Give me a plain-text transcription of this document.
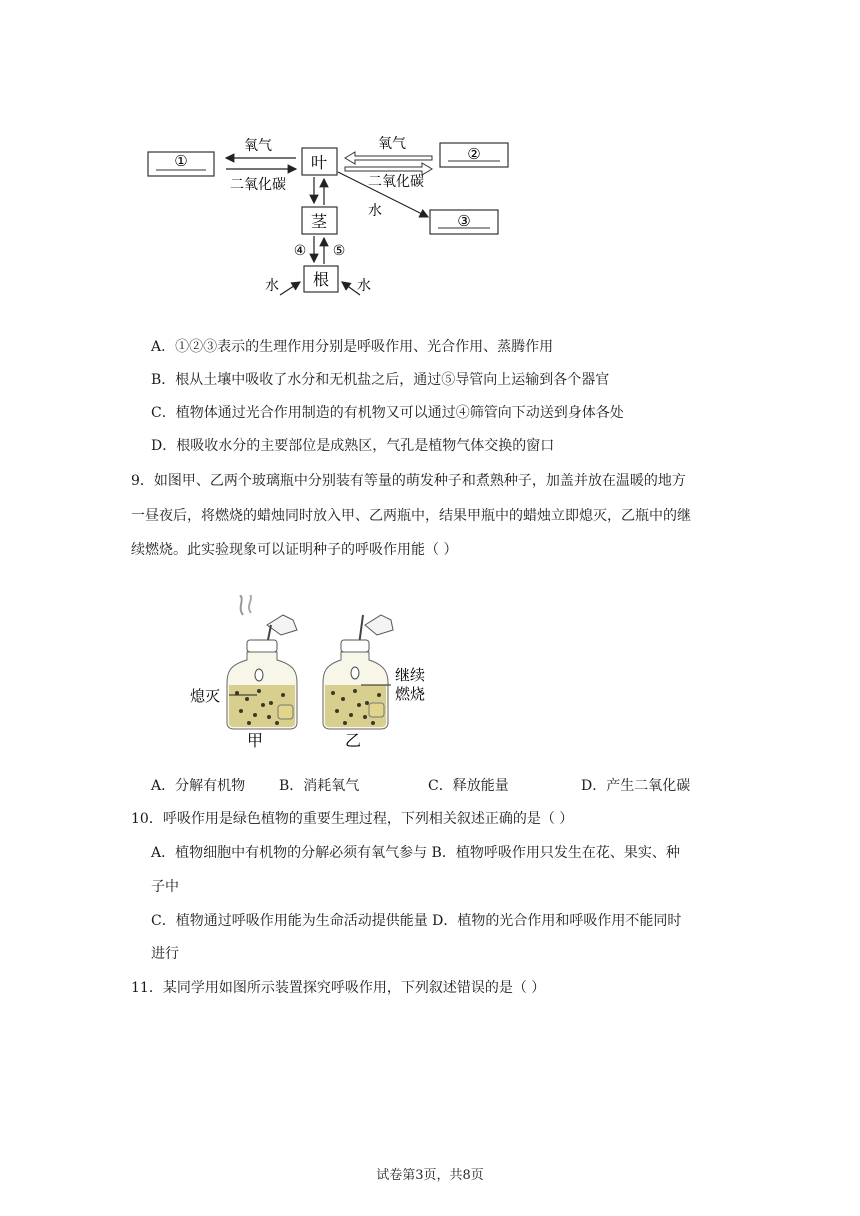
①	叶
氧气
二氧化碳
氧气
二氧化碳
②
水
③
茎
④ ⑤
根
水	水
A．①②③表示的生理作用分别是呼吸作用、光合作用、蒸腾作用
B．根从土壤中吸收了水分和无机盐之后，通过⑤导管向上运输到各个器官
C．植物体通过光合作用制造的有机物又可以通过④筛管向下动送到身体各处
D．根吸收水分的主要部位是成熟区，气孔是植物气体交换的窗口
9．如图甲、乙两个玻璃瓶中分别装有等量的萌发种子和煮熟种子，加盖并放在温暖的地方
一昼夜后，将燃烧的蜡烛同时放入甲、乙两瓶中，结果甲瓶中的蜡烛立即熄灭，乙瓶中的继
续燃烧。此实验现象可以证明种子的呼吸作用能（ ）
熄灭
甲
继续
燃烧
乙
A．分解有机物 B．消耗氧气	C．释放能量	D．产生二氧化碳
10．呼吸作用是绿色植物的重要生理过程，下列相关叙述正确的是（ ）
A．植物细胞中有机物的分解必须有氧气参与 B．植物呼吸作用只发生在花、果实、种
子中
C．植物通过呼吸作用能为生命活动提供能量 D．植物的光合作用和呼吸作用不能同时
进行
11．某同学用如图所示装置探究呼吸作用，下列叙述错误的是（ ）
试卷第3页，共8页
